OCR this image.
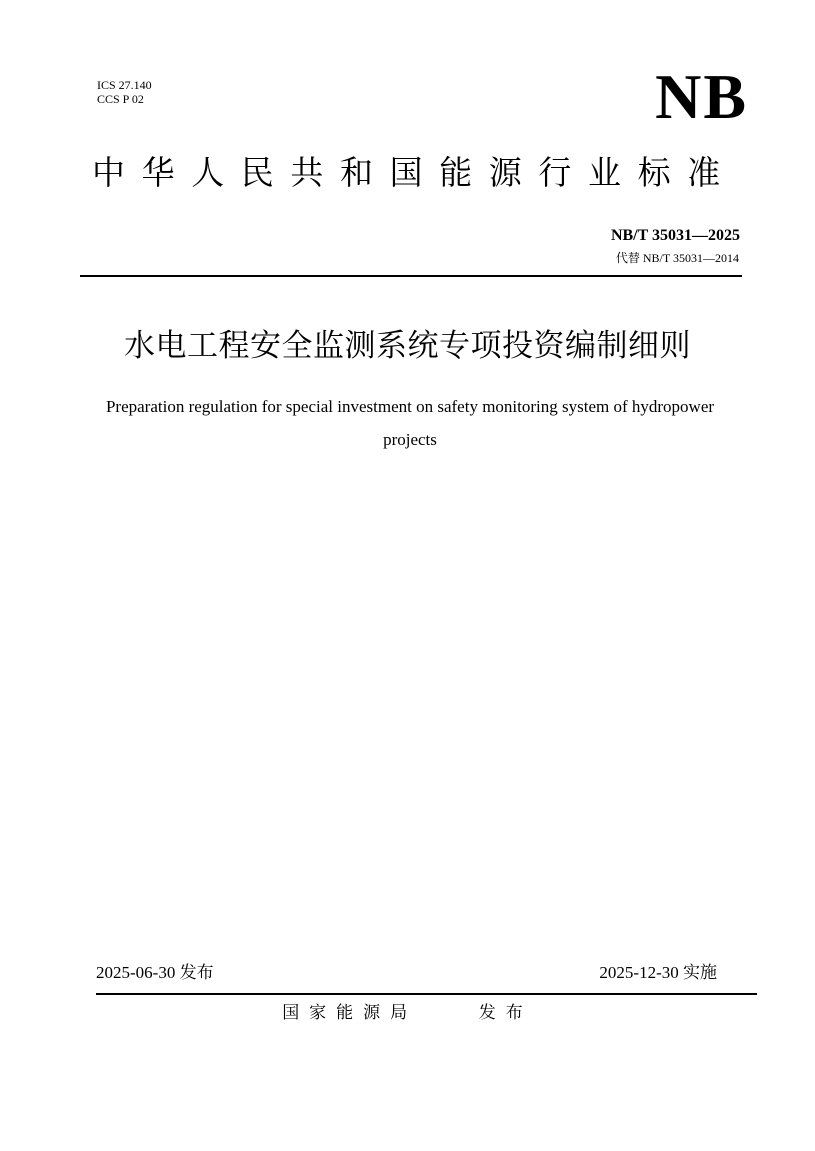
ICS 27.140
CCS P 02	NB
中华人民共和国能源行业标准
NB/T 35031—2025
代替 NB/T 35031—2014
水电工程安全监测系统专项投资编制细则
Preparation regulation for special investment on safety monitoring system of hydropower projects
2025-06-30 发布	2025-12-30 实施
国家能源局    发布
